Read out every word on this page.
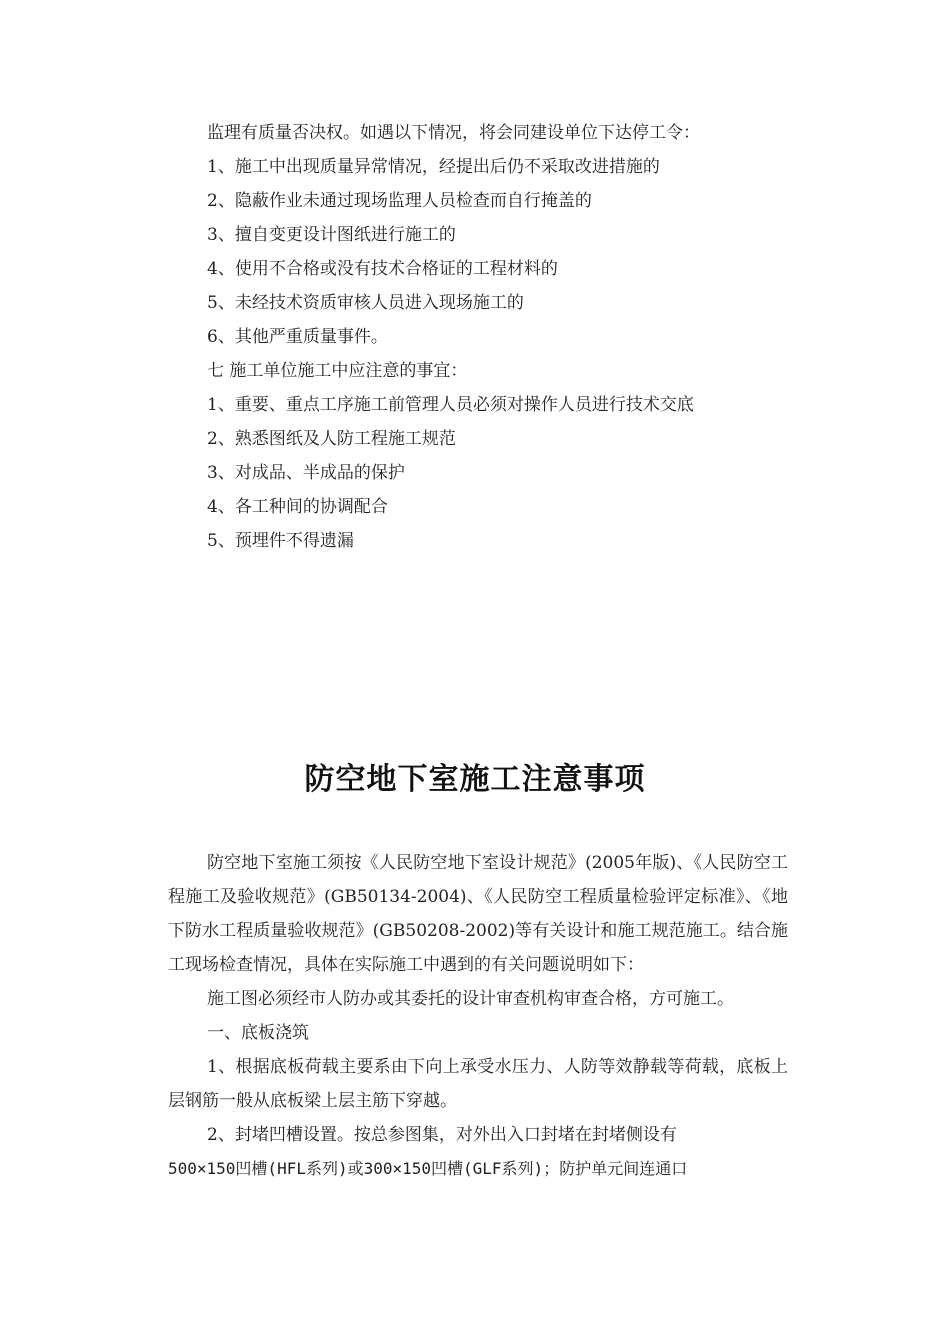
监理有质量否决权。如遇以下情况，将会同建设单位下达停工令：
1、施工中出现质量异常情况，经提出后仍不采取改进措施的
2、隐蔽作业未通过现场监理人员检查而自行掩盖的
3、擅自变更设计图纸进行施工的
4、使用不合格或没有技术合格证的工程材料的
5、未经技术资质审核人员进入现场施工的
6、其他严重质量事件。
七 施工单位施工中应注意的事宜：
1、重要、重点工序施工前管理人员必须对操作人员进行技术交底
2、熟悉图纸及人防工程施工规范
3、对成品、半成品的保护
4、各工种间的协调配合
5、预埋件不得遗漏
防空地下室施工注意事项

防空地下室施工须按《人民防空地下室设计规范》(2005年版)、《人民防空工程施工及验收规范》(GB50134-2004)、《人民防空工程质量检验评定标准》、《地下防水工程质量验收规范》(GB50208-2002)等有关设计和施工规范施工。结合施工现场检查情况，具体在实际施工中遇到的有关问题说明如下：

施工图必须经市人防办或其委托的设计审查机构审查合格，方可施工。

一、底板浇筑

1、根据底板荷载主要系由下向上承受水压力、人防等效静载等荷载，底板上层钢筋一般从底板梁上层主筋下穿越。

2、封堵凹槽设置。按总参图集，对外出入口封堵在封堵侧设有

500×150凹槽(HFL系列)或300×150凹槽(GLF系列)；防护单元间连通口
